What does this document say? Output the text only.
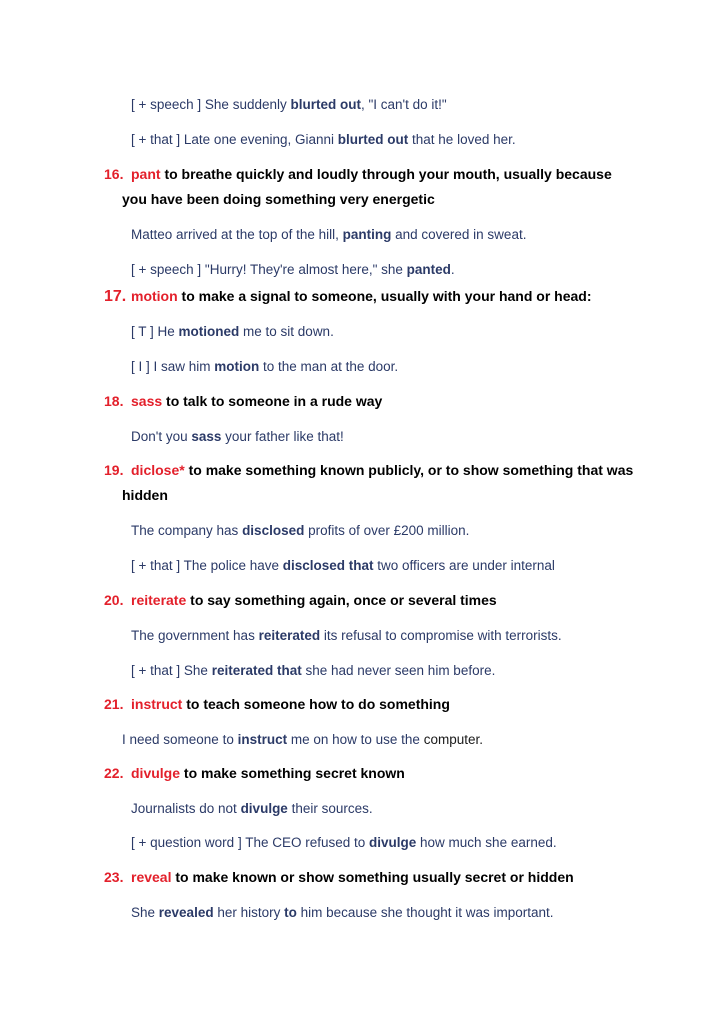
[ + speech ] She suddenly blurted out, "I can't do it!"
[ + that ] Late one evening, Gianni blurted out that he loved her.
16. pant to breathe quickly and loudly through your mouth, usually because
you have been doing something very energetic
Matteo arrived at the top of the hill, panting and covered in sweat.
[ + speech ] "Hurry! They're almost here," she panted.
17. motion to make a signal to someone, usually with your hand or head:
[ T ] He motioned me to sit down.
[ I ] I saw him motion to the man at the door.
18. sass to talk to someone in a rude way
Don't you sass your father like that!
19. diclose* to make something known publicly, or to show something that was
hidden
The company has disclosed profits of over £200 million.
[ + that ] The police have disclosed that two officers are under internal
20. reiterate to say something again, once or several times
The government has reiterated its refusal to compromise with terrorists.
[ + that ] She reiterated that she had never seen him before.
21. instruct to teach someone how to do something
I need someone to instruct me on how to use the computer.
22. divulge to make something secret known
Journalists do not divulge their sources.
[ + question word ] The CEO refused to divulge how much she earned.
23. reveal to make known or show something usually secret or hidden
She revealed her history to him because she thought it was important.
